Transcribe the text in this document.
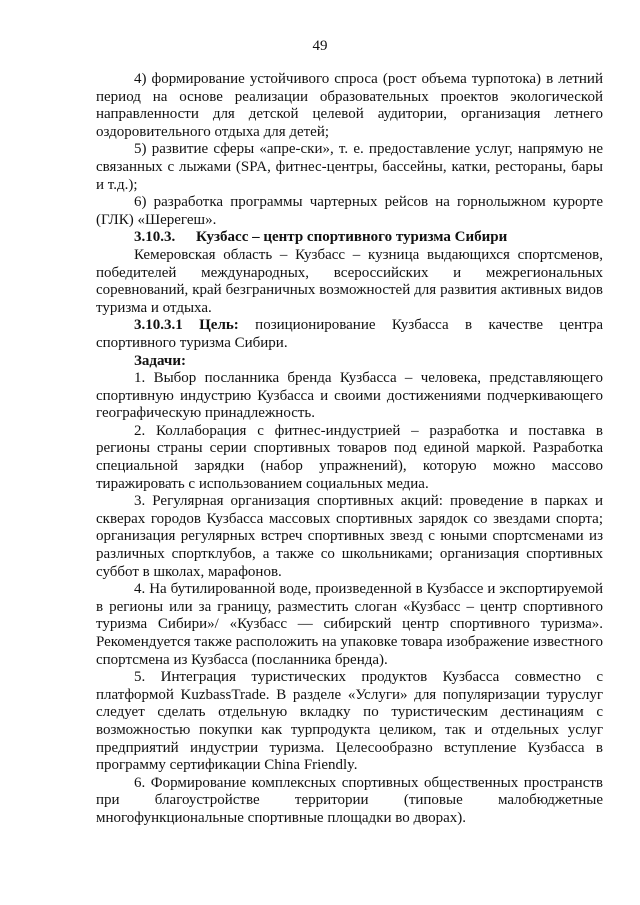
49

4) формирование устойчивого спроса (рост объема турпотока) в летний период на основе реализации образовательных проектов экологической направленности для детской целевой аудитории, организация летнего оздоровительного отдыха для детей;

5) развитие сферы «апре-ски», т. е. предоставление услуг, напрямую не связанных с лыжами (SPA, фитнес-центры, бассейны, катки, рестораны, бары и т.д.);

6) разработка программы чартерных рейсов на горнолыжном курорте (ГЛК) «Шерегеш».

3.10.3. Кузбасс – центр спортивного туризма Сибири

Кемеровская область – Кузбасс – кузница выдающихся спортсменов, победителей международных, всероссийских и межрегиональных соревнований, край безграничных возможностей для развития активных видов туризма и отдыха.

3.10.3.1 Цель: позиционирование Кузбасса в качестве центра спортивного туризма Сибири.

Задачи:

1. Выбор посланника бренда Кузбасса – человека, представляющего спортивную индустрию Кузбасса и своими достижениями подчеркивающего географическую принадлежность.

2. Коллаборация с фитнес-индустрией – разработка и поставка в регионы страны серии спортивных товаров под единой маркой. Разработка специальной зарядки (набор упражнений), которую можно массово тиражировать с использованием социальных медиа.

3. Регулярная организация спортивных акций: проведение в парках и скверах городов Кузбасса массовых спортивных зарядок со звездами спорта; организация регулярных встреч спортивных звезд с юными спортсменами из различных спортклубов, а также со школьниками; организация спортивных суббот в школах, марафонов.

4. На бутилированной воде, произведенной в Кузбассе и экспортируемой в регионы или за границу, разместить слоган «Кузбасс – центр спортивного туризма Сибири»/ «Кузбасс — сибирский центр спортивного туризма». Рекомендуется также расположить на упаковке товара изображение известного спортсмена из Кузбасса (посланника бренда).

5. Интеграция туристических продуктов Кузбасса совместно с платформой KuzbassTrade. В разделе «Услуги» для популяризации туруслуг следует сделать отдельную вкладку по туристическим дестинациям с возможностью покупки как турпродукта целиком, так и отдельных услуг предприятий индустрии туризма. Целесообразно вступление Кузбасса в программу сертификации China Friendly.

6. Формирование комплексных спортивных общественных пространств при благоустройстве территории (типовые малобюджетные многофункциональные спортивные площадки во дворах).
